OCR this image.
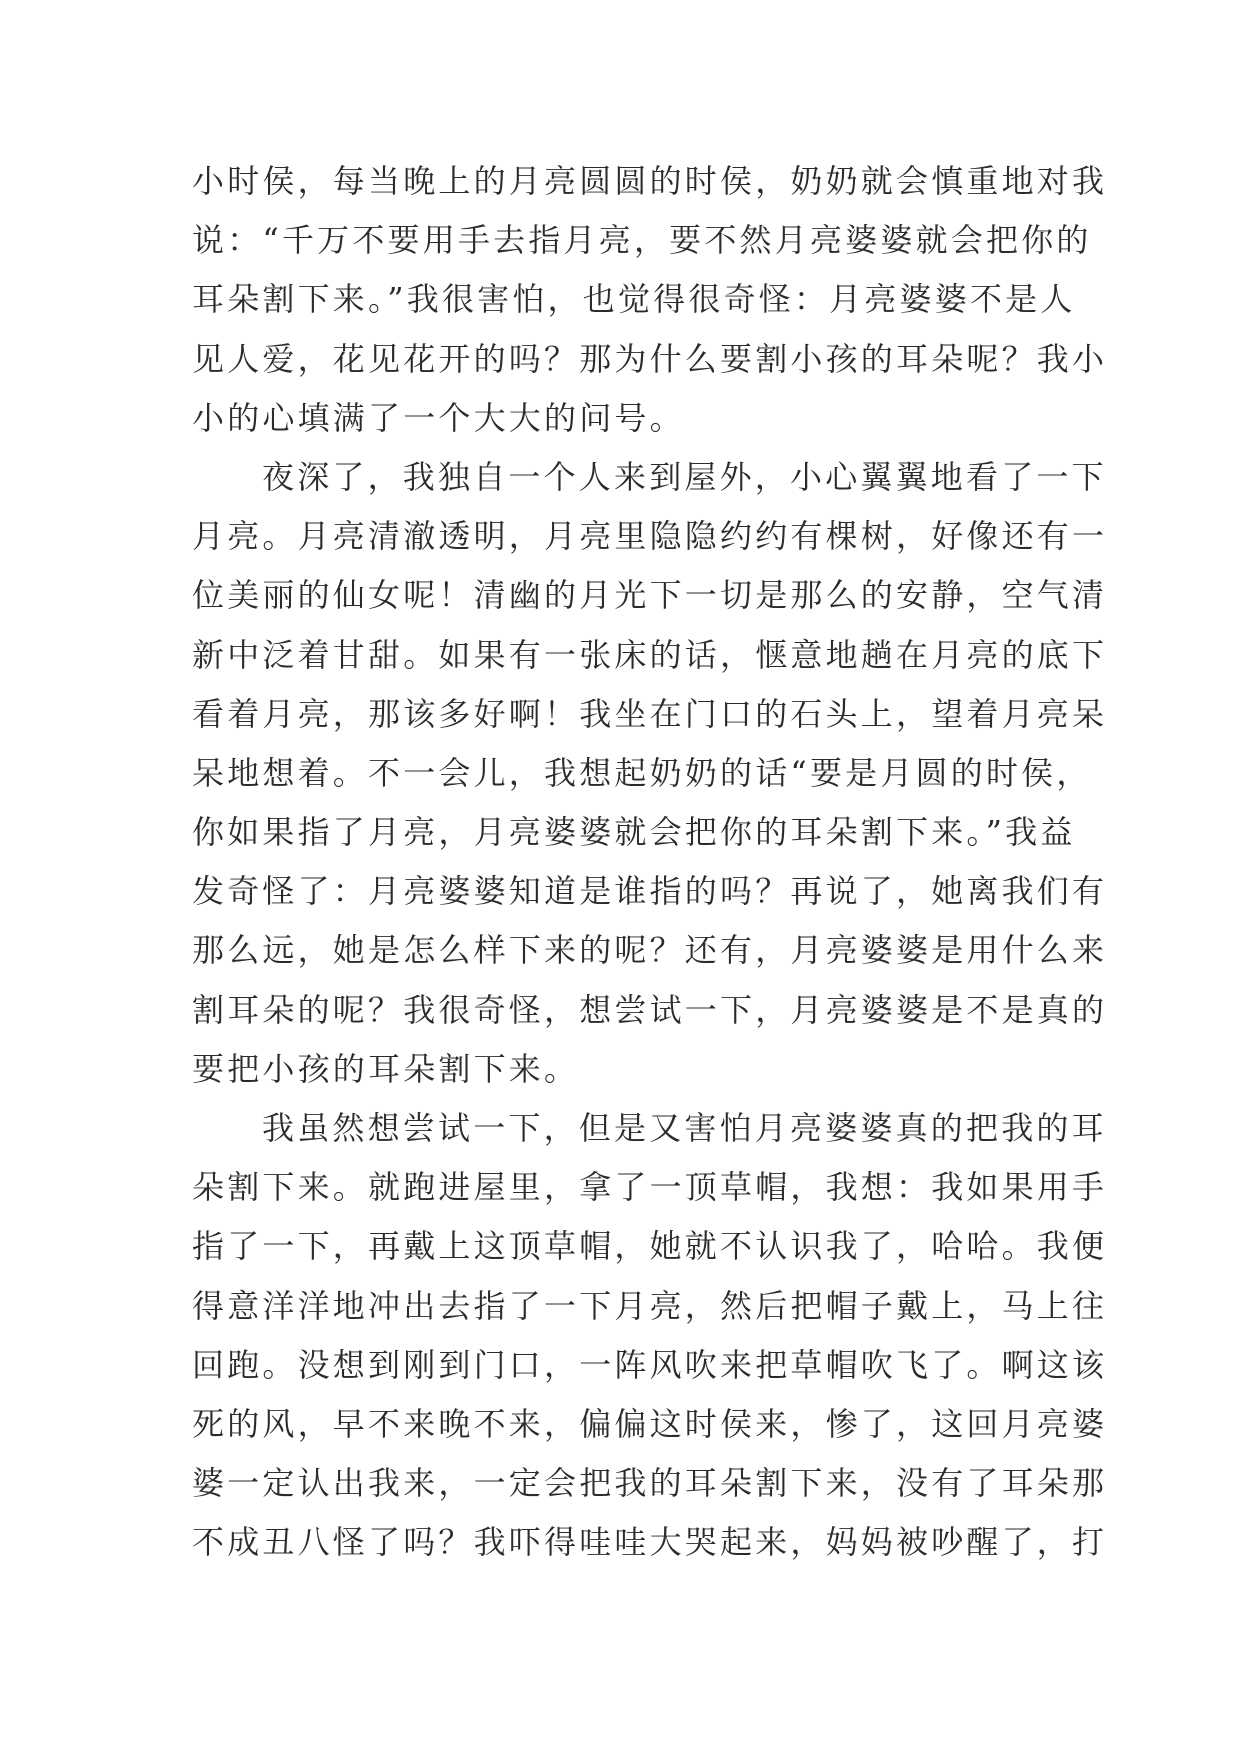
小时侯，每当晚上的月亮圆圆的时侯，奶奶就会慎重地对我
说：“千万不要用手去指月亮，要不然月亮婆婆就会把你的
耳朵割下来。”我很害怕，也觉得很奇怪：月亮婆婆不是人
见人爱，花见花开的吗？那为什么要割小孩的耳朵呢？我小
小的心填满了一个大大的问号。
夜深了，我独自一个人来到屋外，小心翼翼地看了一下
月亮。月亮清澈透明，月亮里隐隐约约有棵树，好像还有一
位美丽的仙女呢！清幽的月光下一切是那么的安静，空气清
新中泛着甘甜。如果有一张床的话，惬意地趟在月亮的底下
看着月亮，那该多好啊！我坐在门口的石头上，望着月亮呆
呆地想着。不一会儿，我想起奶奶的话“要是月圆的时侯，
你如果指了月亮，月亮婆婆就会把你的耳朵割下来。”我益
发奇怪了：月亮婆婆知道是谁指的吗？再说了，她离我们有
那么远，她是怎么样下来的呢？还有，月亮婆婆是用什么来
割耳朵的呢？我很奇怪，想尝试一下，月亮婆婆是不是真的
要把小孩的耳朵割下来。
我虽然想尝试一下，但是又害怕月亮婆婆真的把我的耳
朵割下来。就跑进屋里，拿了一顶草帽，我想：我如果用手
指了一下，再戴上这顶草帽，她就不认识我了，哈哈。我便
得意洋洋地冲出去指了一下月亮，然后把帽子戴上，马上往
回跑。没想到刚到门口，一阵风吹来把草帽吹飞了。啊这该
死的风，早不来晚不来，偏偏这时侯来，惨了，这回月亮婆
婆一定认出我来，一定会把我的耳朵割下来，没有了耳朵那
不成丑八怪了吗？我吓得哇哇大哭起来，妈妈被吵醒了，打
